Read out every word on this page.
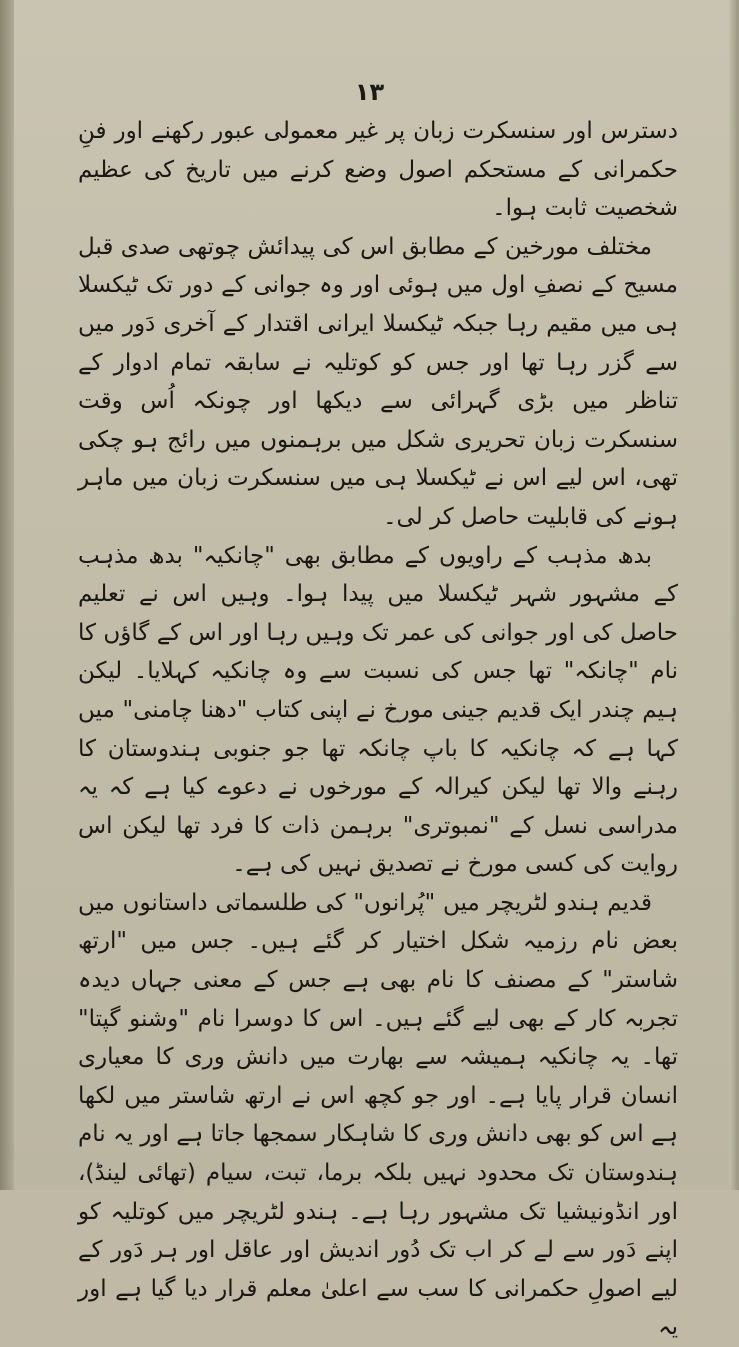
۱۳

دسترس اور سنسکرت زبان پر غیر معمولی عبور رکھنے اور فنِ حکمرانی کے مستحکم اصول وضع کرنے میں تاریخ کی عظیم شخصیت ثابت ہوا۔

مختلف مورخین کے مطابق اس کی پیدائش چوتھی صدی قبل مسیح کے نصفِ اول میں ہوئی اور وہ جوانی کے دور تک ٹیکسلا ہی میں مقیم رہا جبکہ ٹیکسلا ایرانی اقتدار کے آخری دَور میں سے گزر رہا تھا اور جس کو کوتلیہ نے سابقہ تمام ادوار کے تناظر میں بڑی گہرائی سے دیکھا اور چونکہ اُس وقت سنسکرت زبان تحریری شکل میں برہمنوں میں رائج ہو چکی تھی، اس لیے اس نے ٹیکسلا ہی میں سنسکرت زبان میں ماہر ہونے کی قابلیت حاصل کر لی۔

بدھ مذہب کے راویوں کے مطابق بھی "چانکیہ" بدھ مذہب کے مشہور شہر ٹیکسلا میں پیدا ہوا۔ وہیں اس نے تعلیم حاصل کی اور جوانی کی عمر تک وہیں رہا اور اس کے گاؤں کا نام "چانکہ" تھا جس کی نسبت سے وہ چانکیہ کہلایا۔ لیکن ہیم چندر ایک قدیم جینی مورخ نے اپنی کتاب "دھنا چامنی" میں کہا ہے کہ چانکیہ کا باپ چانکہ تھا جو جنوبی ہندوستان کا رہنے والا تھا لیکن کیرالہ کے مورخوں نے دعوے کیا ہے کہ یہ مدراسی نسل کے "نمبوتری" برہمن ذات کا فرد تھا لیکن اس روایت کی کسی مورخ نے تصدیق نہیں کی ہے۔

قدیم ہندو لٹریچر میں "پُرانوں" کی طلسماتی داستانوں میں بعض نام رزمیہ شکل اختیار کر گئے ہیں۔ جس میں "ارتھ شاستر" کے مصنف کا نام بھی ہے جس کے معنی جہاں دیدہ تجربہ کار کے بھی لیے گئے ہیں۔ اس کا دوسرا نام "وشنو گپتا" تھا۔ یہ چانکیہ ہمیشہ سے بھارت میں دانش وری کا معیاری انسان قرار پایا ہے۔ اور جو کچھ اس نے ارتھ شاستر میں لکھا ہے اس کو بھی دانش وری کا شاہکار سمجھا جاتا ہے اور یہ نام ہندوستان تک محدود نہیں بلکہ برما، تبت، سیام (تھائی لینڈ)، اور انڈونیشیا تک مشہور رہا ہے۔ ہندو لٹریچر میں کوتلیہ کو اپنے دَور سے لے کر اب تک دُور اندیش اور عاقل اور ہر دَور کے لیے اصولِ حکمرانی کا سب سے اعلیٰ معلم قرار دیا گیا ہے اور یہ
